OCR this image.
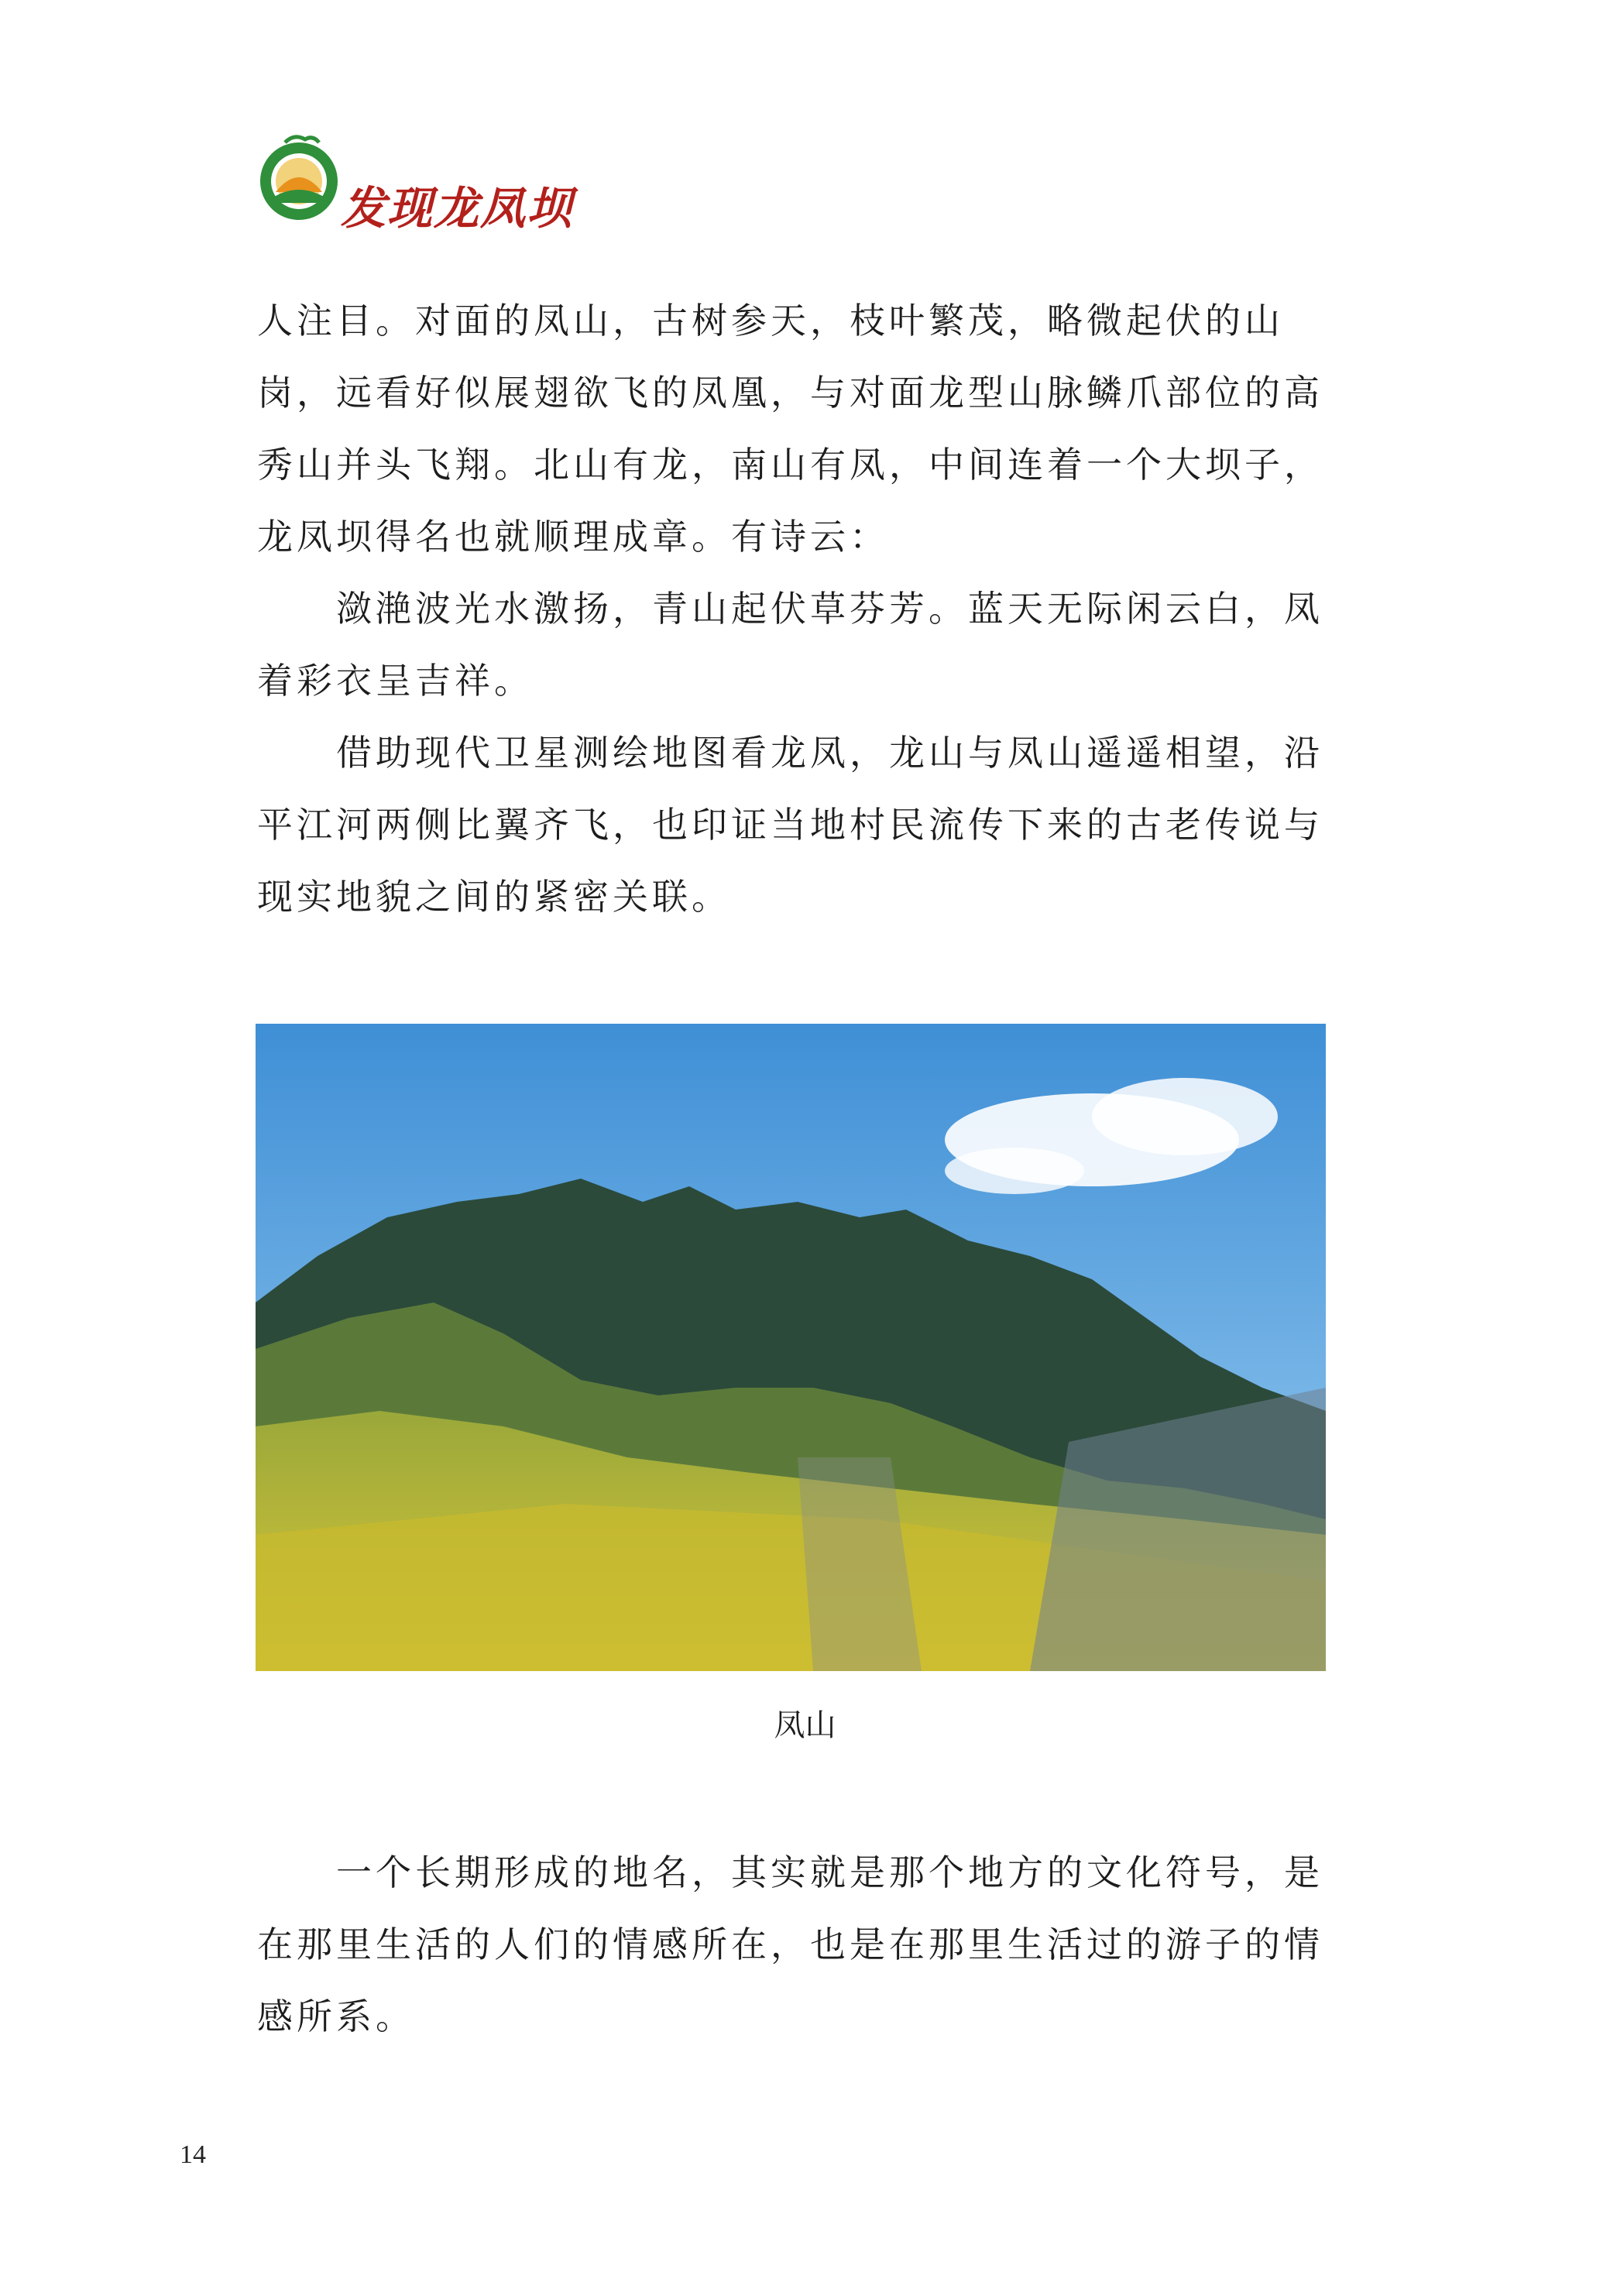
发现龙凤坝
人注目。对面的凤山，古树参天，枝叶繁茂，略微起伏的山
岗，远看好似展翅欲飞的凤凰，与对面龙型山脉鳞爪部位的高
秀山并头飞翔。北山有龙，南山有凤，中间连着一个大坝子，
龙凤坝得名也就顺理成章。有诗云：
潋滟波光水激扬，青山起伏草芬芳。蓝天无际闲云白，凤
着彩衣呈吉祥。
借助现代卫星测绘地图看龙凤，龙山与凤山遥遥相望，沿
平江河两侧比翼齐飞，也印证当地村民流传下来的古老传说与
现实地貌之间的紧密关联。
凤山
一个长期形成的地名，其实就是那个地方的文化符号，是
在那里生活的人们的情感所在，也是在那里生活过的游子的情
感所系。
14
